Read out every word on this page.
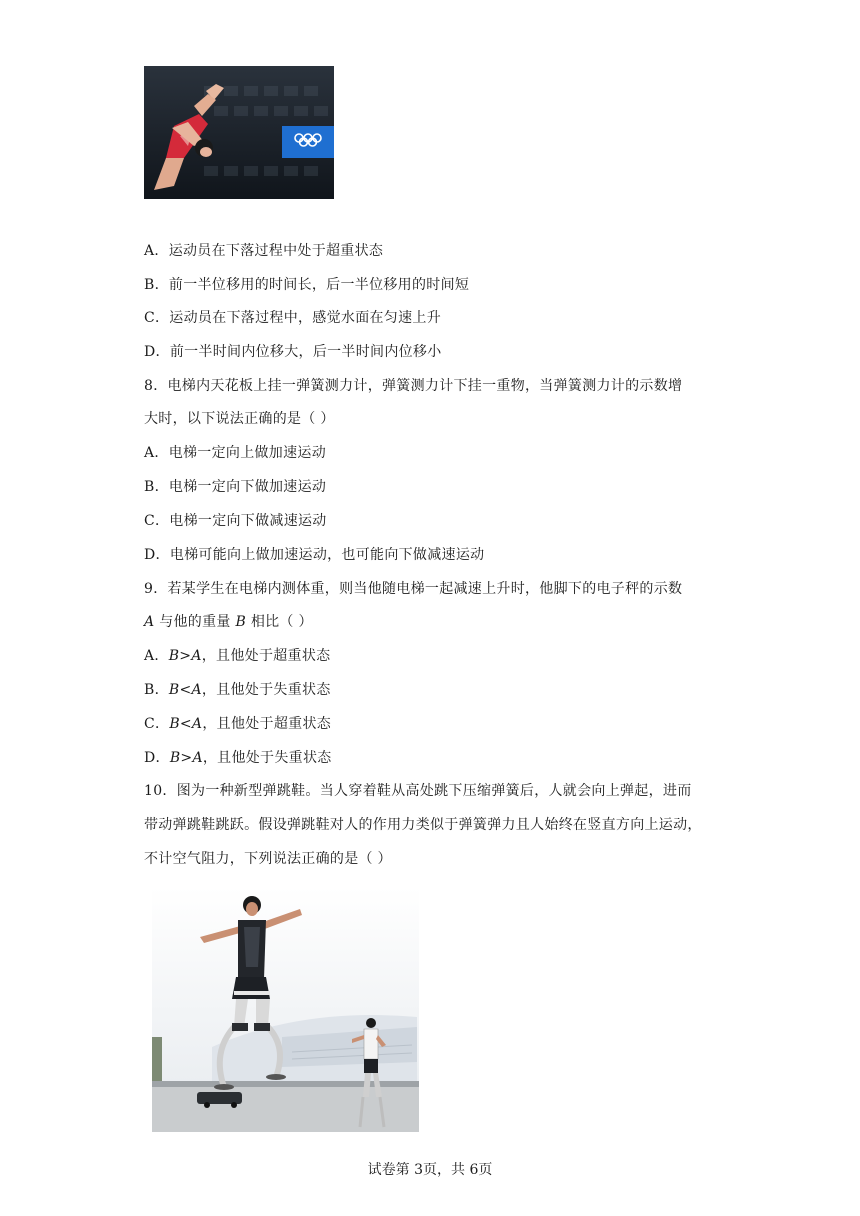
A．运动员在下落过程中处于超重状态
B．前一半位移用的时间长，后一半位移用的时间短
C．运动员在下落过程中，感觉水面在匀速上升
D．前一半时间内位移大，后一半时间内位移小
8．电梯内天花板上挂一弹簧测力计，弹簧测力计下挂一重物，当弹簧测力计的示数增
大时，以下说法正确的是（ ）
A．电梯一定向上做加速运动
B．电梯一定向下做加速运动
C．电梯一定向下做减速运动
D．电梯可能向上做加速运动，也可能向下做减速运动
9．若某学生在电梯内测体重，则当他随电梯一起减速上升时，他脚下的电子秤的示数
A 与他的重量 B 相比（ ）
A．B>A，且他处于超重状态
B．B<A，且他处于失重状态
C．B<A，且他处于超重状态
D．B>A，且他处于失重状态
10．图为一种新型弹跳鞋。当人穿着鞋从高处跳下压缩弹簧后，人就会向上弹起，进而
带动弹跳鞋跳跃。假设弹跳鞋对人的作用力类似于弹簧弹力且人始终在竖直方向上运动，
不计空气阻力，下列说法正确的是（ ）
试卷第 3页，共 6页
